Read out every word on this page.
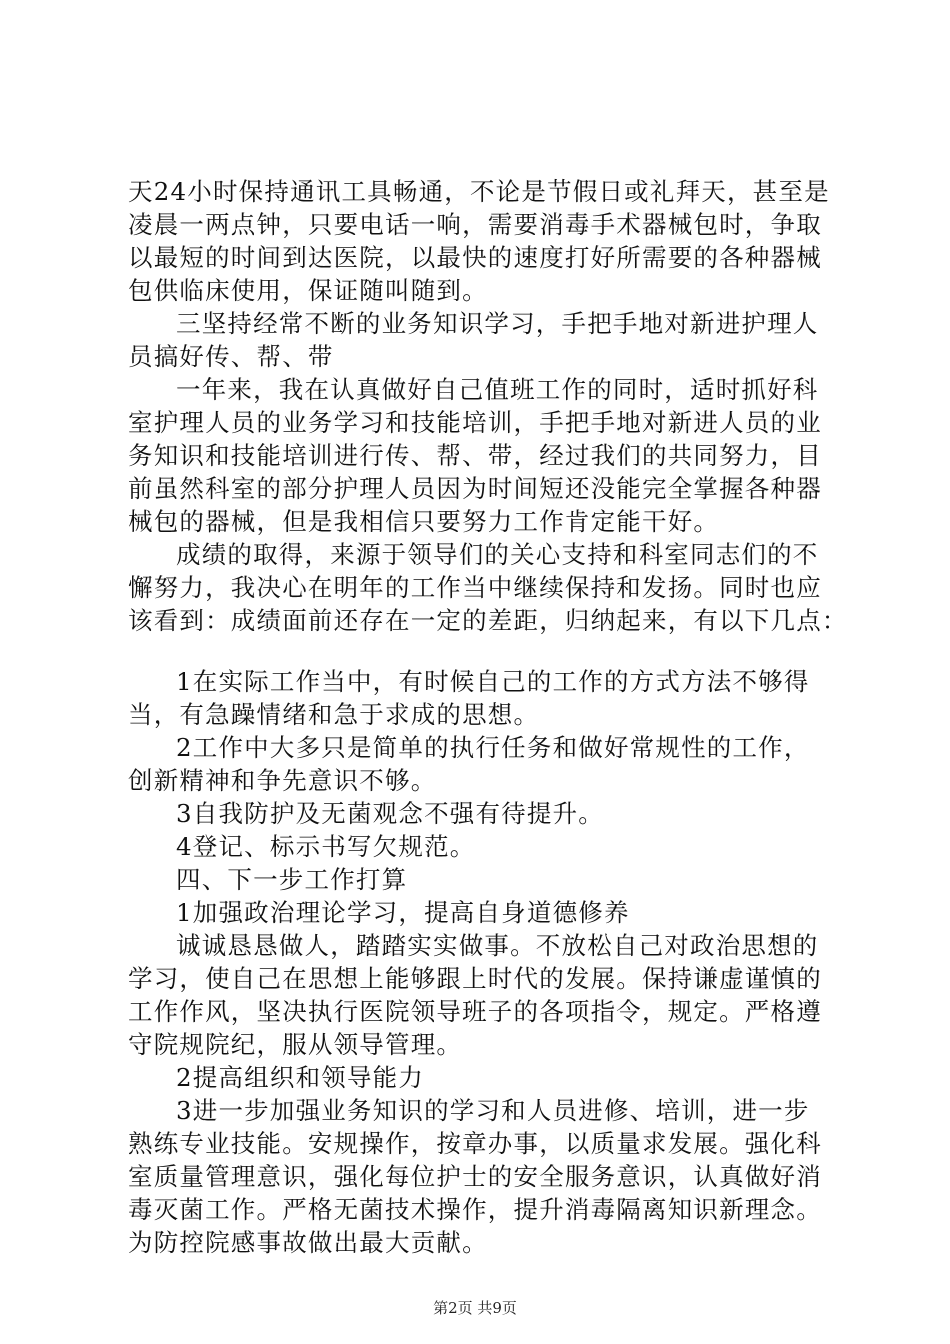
天24小时保持通讯工具畅通，不论是节假日或礼拜天，甚至是
凌晨一两点钟，只要电话一响，需要消毒手术器械包时，争取
以最短的时间到达医院，以最快的速度打好所需要的各种器械
包供临床使用，保证随叫随到。
三坚持经常不断的业务知识学习，手把手地对新进护理人
员搞好传、帮、带
一年来，我在认真做好自己值班工作的同时，适时抓好科
室护理人员的业务学习和技能培训，手把手地对新进人员的业
务知识和技能培训进行传、帮、带，经过我们的共同努力，目
前虽然科室的部分护理人员因为时间短还没能完全掌握各种器
械包的器械，但是我相信只要努力工作肯定能干好。
成绩的取得，来源于领导们的关心支持和科室同志们的不
懈努力，我决心在明年的工作当中继续保持和发扬。同时也应
该看到：成绩面前还存在一定的差距，归纳起来，有以下几点：
1在实际工作当中，有时候自己的工作的方式方法不够得
当，有急躁情绪和急于求成的思想。
2工作中大多只是简单的执行任务和做好常规性的工作，
创新精神和争先意识不够。
3自我防护及无菌观念不强有待提升。
4登记、标示书写欠规范。
四、下一步工作打算
1加强政治理论学习，提高自身道德修养
诚诚恳恳做人，踏踏实实做事。不放松自己对政治思想的
学习，使自己在思想上能够跟上时代的发展。保持谦虚谨慎的
工作作风，坚决执行医院领导班子的各项指令，规定。严格遵
守院规院纪，服从领导管理。
2提高组织和领导能力
3进一步加强业务知识的学习和人员进修、培训，进一步
熟练专业技能。安规操作，按章办事，以质量求发展。强化科
室质量管理意识，强化每位护士的安全服务意识，认真做好消
毒灭菌工作。严格无菌技术操作，提升消毒隔离知识新理念。
为防控院感事故做出最大贡献。
第2页 共9页
